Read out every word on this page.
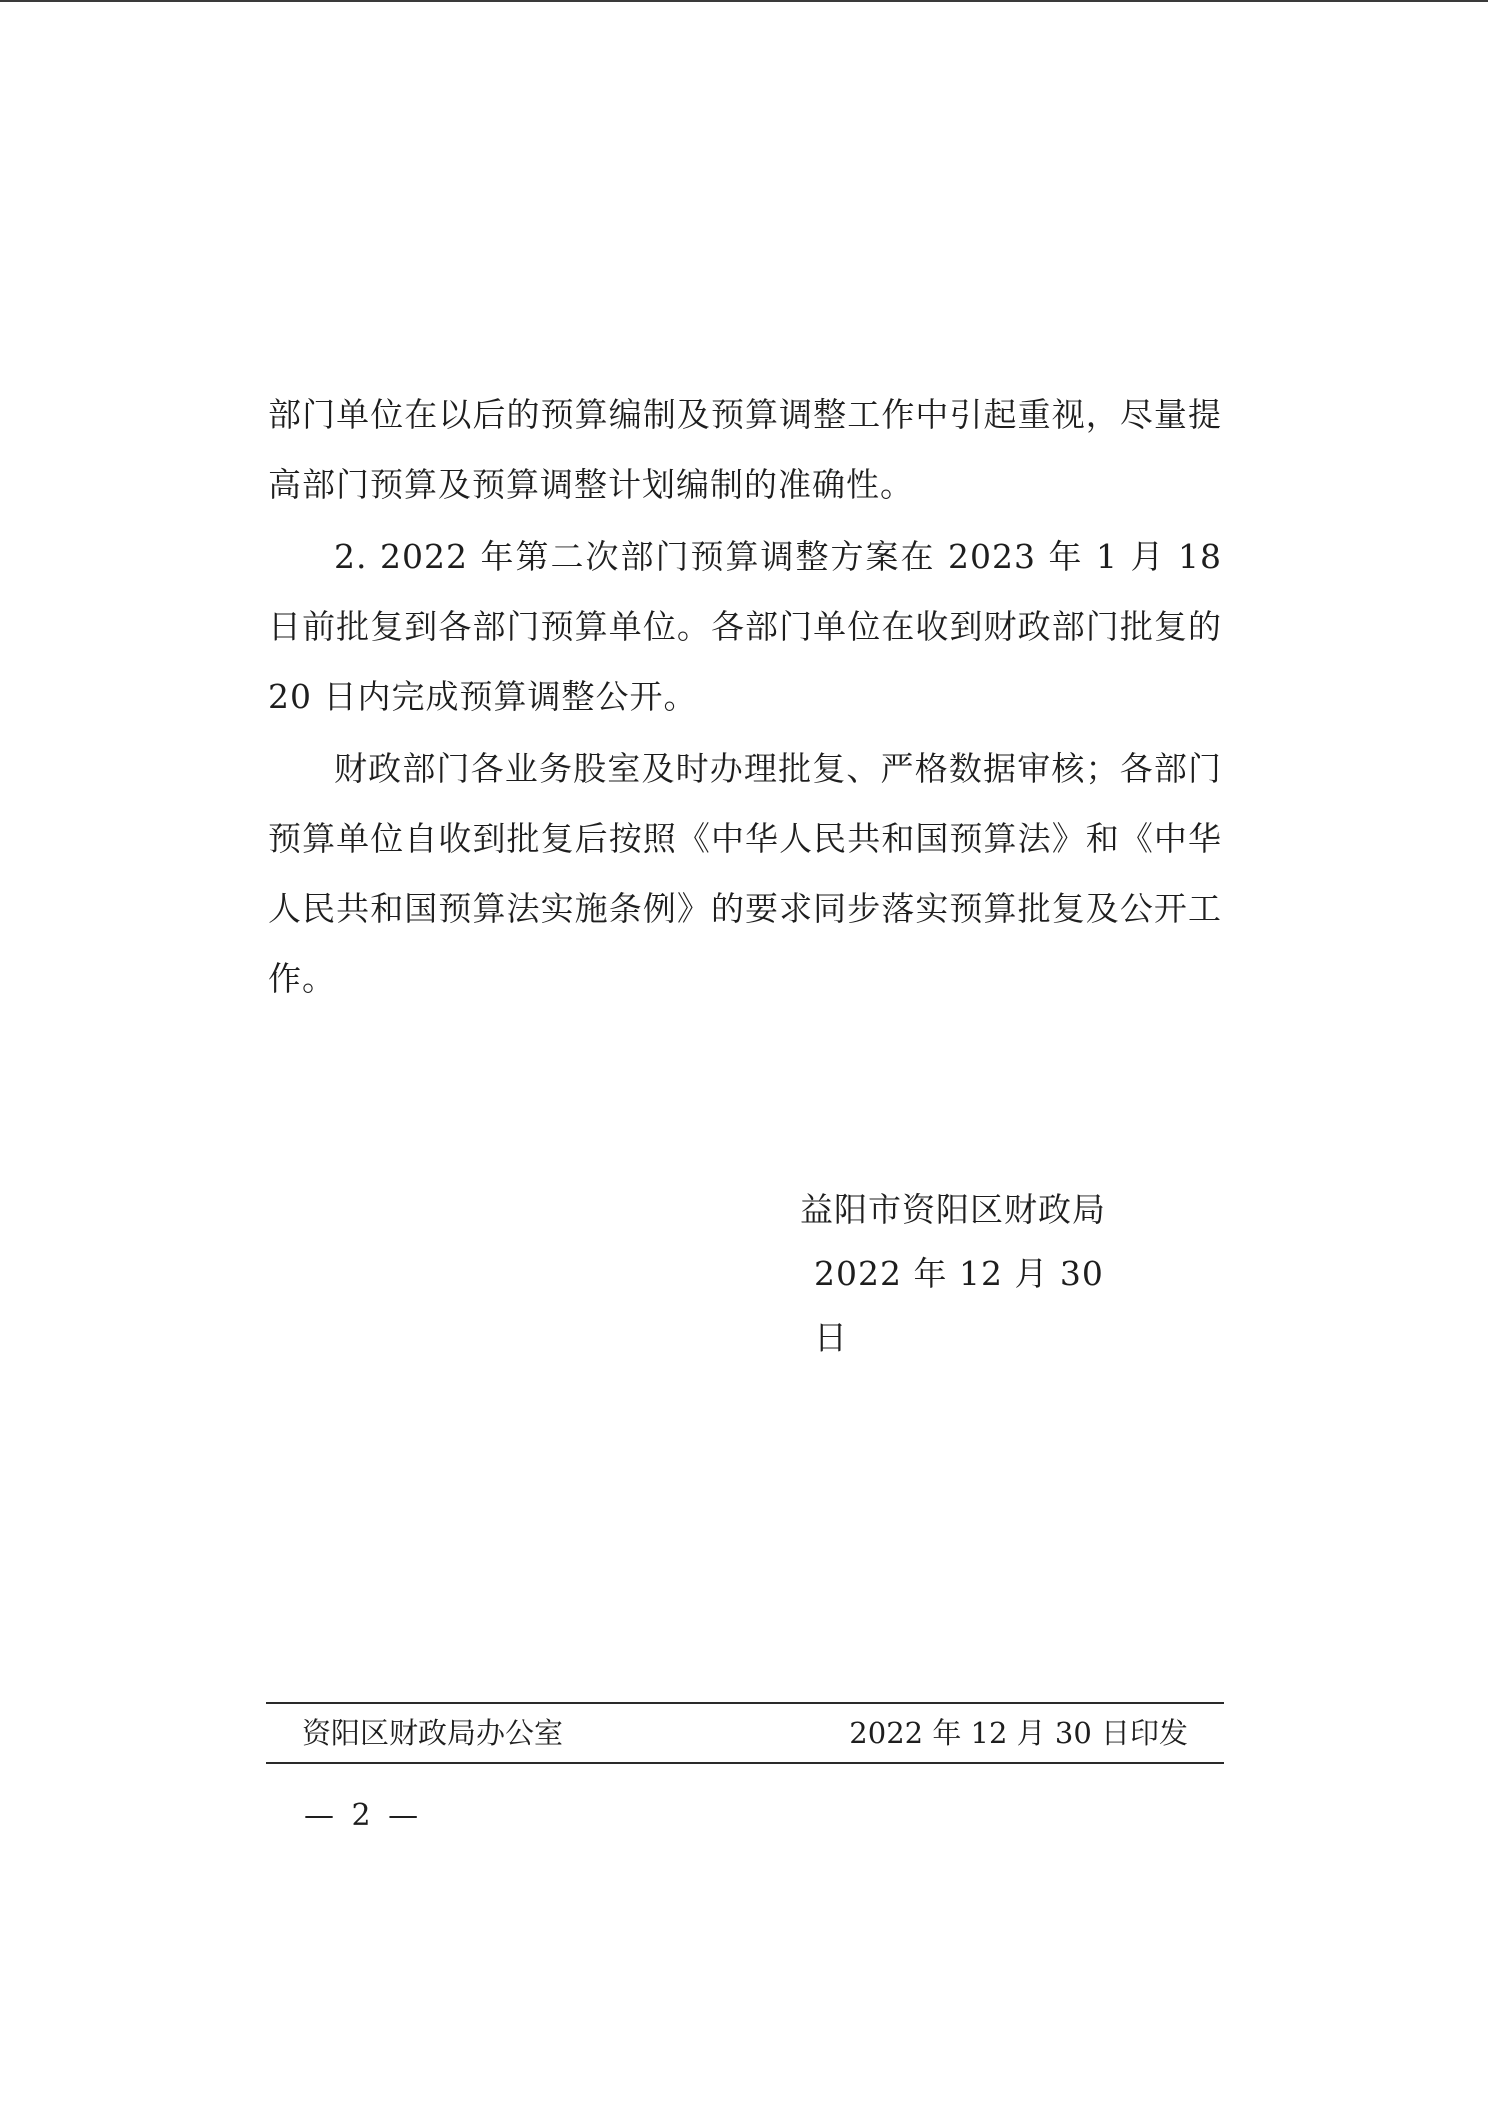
部门单位在以后的预算编制及预算调整工作中引起重视，尽量提高部门预算及预算调整计划编制的准确性。

2. 2022 年第二次部门预算调整方案在 2023 年 1 月 18 日前批复到各部门预算单位。各部门单位在收到财政部门批复的 20 日内完成预算调整公开。

财政部门各业务股室及时办理批复、严格数据审核；各部门预算单位自收到批复后按照《中华人民共和国预算法》和《中华人民共和国预算法实施条例》的要求同步落实预算批复及公开工作。

益阳市资阳区财政局
2022 年 12 月 30 日
资阳区财政局办公室	2022 年 12 月 30 日印发
— 2 —
